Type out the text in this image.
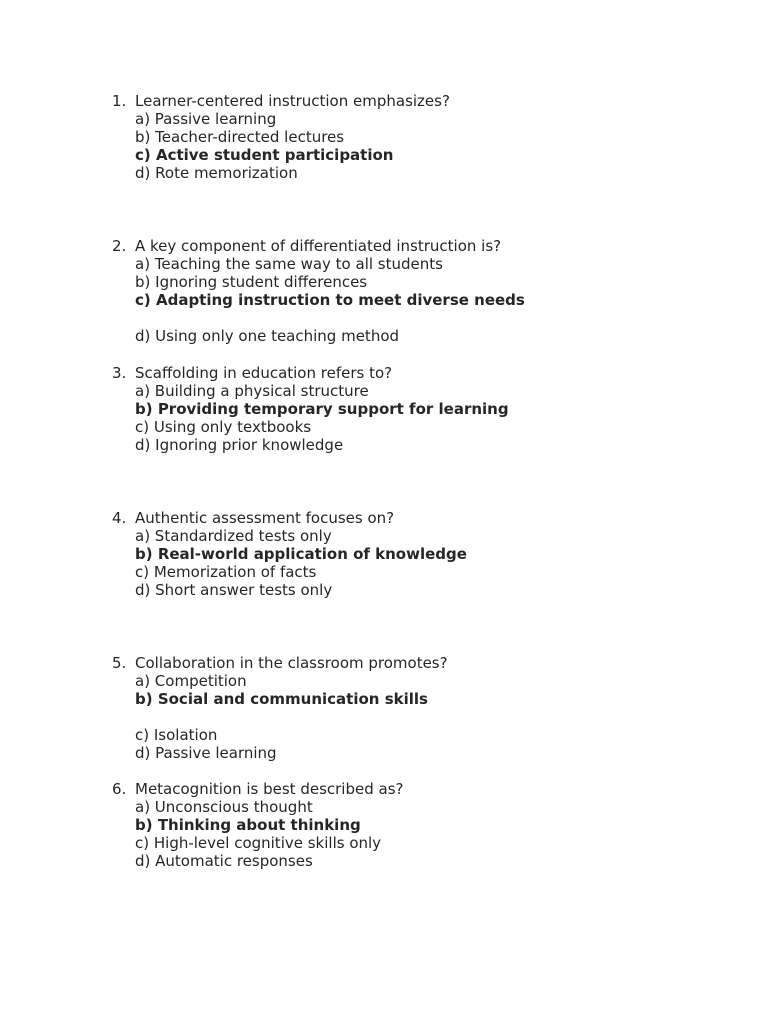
1. Learner-centered instruction emphasizes?
a) Passive learning
b) Teacher-directed lectures
c) Active student participation
d) Rote memorization
2. A key component of differentiated instruction is?
a) Teaching the same way to all students
b) Ignoring student differences
c) Adapting instruction to meet diverse needs
d) Using only one teaching method
3. Scaffolding in education refers to?
a) Building a physical structure
b) Providing temporary support for learning
c) Using only textbooks
d) Ignoring prior knowledge
4. Authentic assessment focuses on?
a) Standardized tests only
b) Real-world application of knowledge
c) Memorization of facts
d) Short answer tests only
5. Collaboration in the classroom promotes?
a) Competition
b) Social and communication skills
c) Isolation
d) Passive learning
6. Metacognition is best described as?
a) Unconscious thought
b) Thinking about thinking
c) High-level cognitive skills only
d) Automatic responses
